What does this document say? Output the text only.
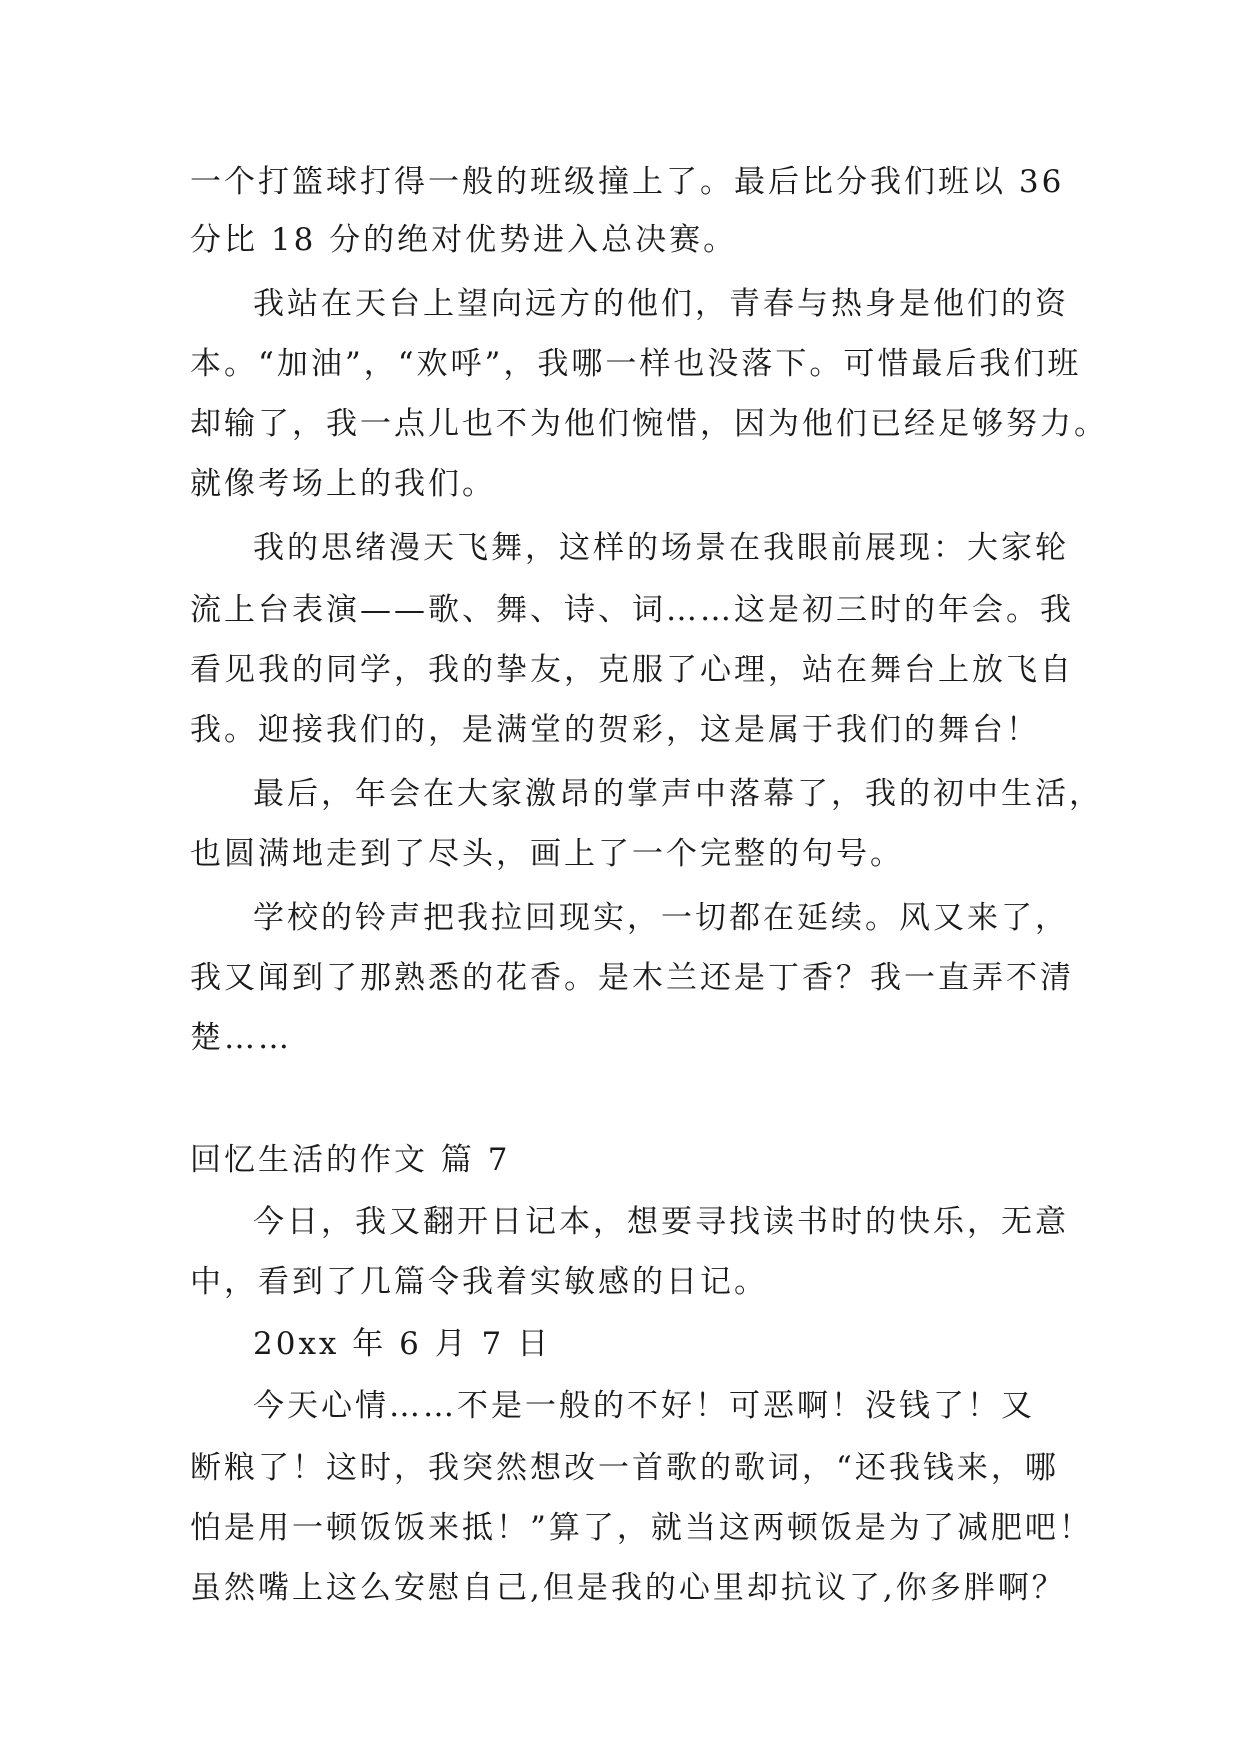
一个打篮球打得一般的班级撞上了。最后比分我们班以 36
分比 18 分的绝对优势进入总决赛。
我站在天台上望向远方的他们，青春与热身是他们的资
本。“加油”，“欢呼”，我哪一样也没落下。可惜最后我们班
却输了，我一点儿也不为他们惋惜，因为他们已经足够努力。
就像考场上的我们。
我的思绪漫天飞舞，这样的场景在我眼前展现：大家轮
流上台表演——歌、舞、诗、词……这是初三时的年会。我
看见我的同学，我的挚友，克服了心理，站在舞台上放飞自
我。迎接我们的，是满堂的贺彩，这是属于我们的舞台！
最后，年会在大家激昂的掌声中落幕了，我的初中生活，
也圆满地走到了尽头，画上了一个完整的句号。
学校的铃声把我拉回现实，一切都在延续。风又来了，
我又闻到了那熟悉的花香。是木兰还是丁香？我一直弄不清
楚……
回忆生活的作文 篇 7
今日，我又翻开日记本，想要寻找读书时的快乐，无意
中，看到了几篇令我着实敏感的日记。
20xx 年 6 月 7 日
今天心情……不是一般的不好！可恶啊！没钱了！又
断粮了！这时，我突然想改一首歌的歌词，“还我钱来，哪
怕是用一顿饭饭来抵！”算了，就当这两顿饭是为了减肥吧！
虽然嘴上这么安慰自己,但是我的心里却抗议了,你多胖啊？
